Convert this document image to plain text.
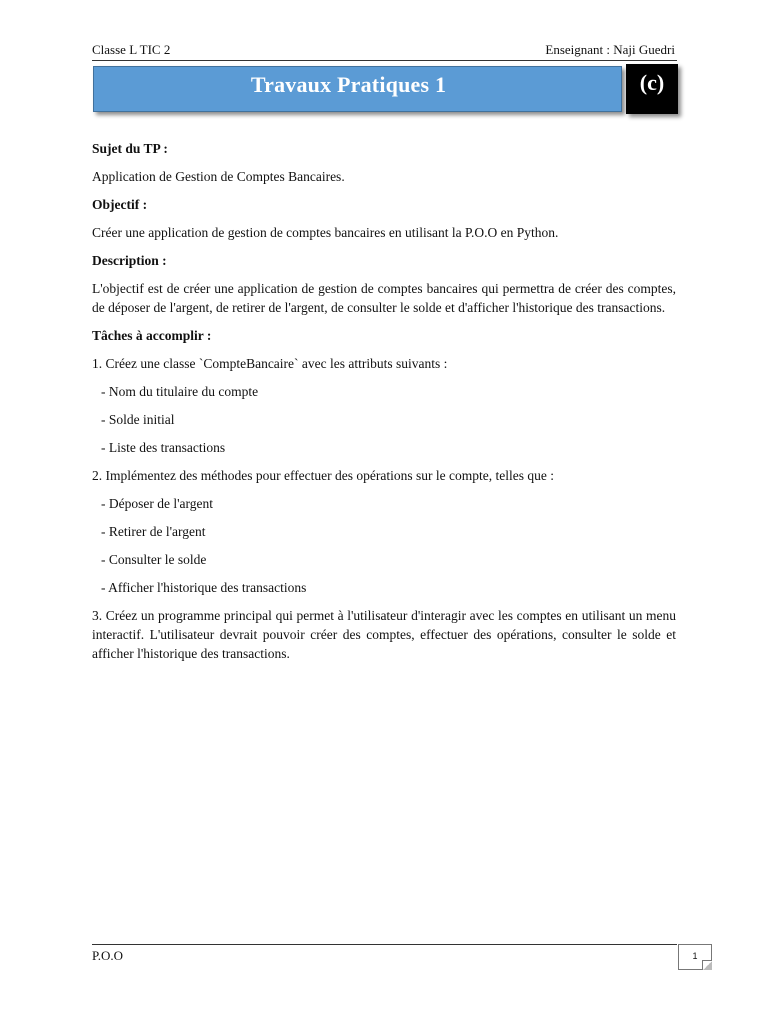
Classe L TIC 2	Enseignant : Naji Guedri
Travaux Pratiques 1	(c)

Sujet du TP :

Application de Gestion de Comptes Bancaires.

Objectif :

Créer une application de gestion de comptes bancaires en utilisant la P.O.O en Python.

Description :

L'objectif est de créer une application de gestion de comptes bancaires qui permettra de créer des comptes, de déposer de l'argent, de retirer de l'argent, de consulter le solde et d'afficher l'historique des transactions.

Tâches à accomplir :

1. Créez une classe `CompteBancaire` avec les attributs suivants :

- Nom du titulaire du compte

- Solde initial

- Liste des transactions

2. Implémentez des méthodes pour effectuer des opérations sur le compte, telles que :

- Déposer de l'argent

- Retirer de l'argent

- Consulter le solde

- Afficher l'historique des transactions

3. Créez un programme principal qui permet à l'utilisateur d'interagir avec les comptes en utilisant un menu interactif. L'utilisateur devrait pouvoir créer des comptes, effectuer des opérations, consulter le solde et afficher l'historique des transactions.

P.O.O	1
